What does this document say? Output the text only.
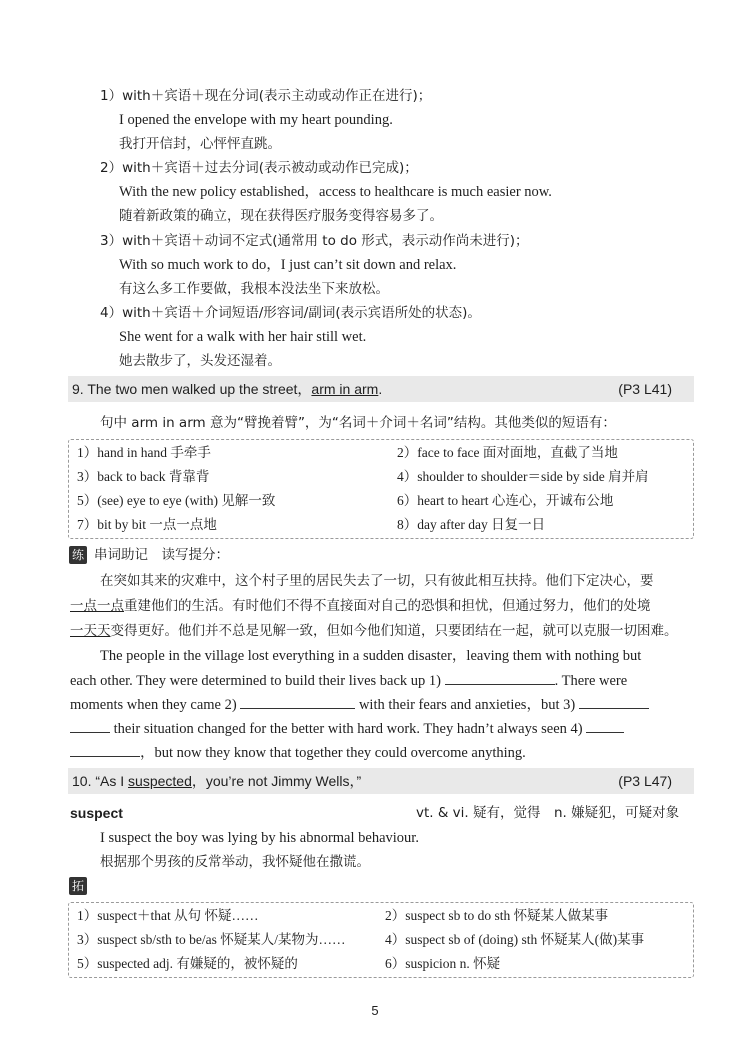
1）with＋宾语＋现在分词(表示主动或动作正在进行)；
I opened the envelope with my heart pounding.
我打开信封，心怦怦直跳。
2）with＋宾语＋过去分词(表示被动或动作已完成)；
With the new policy established，access to healthcare is much easier now.
随着新政策的确立，现在获得医疗服务变得容易多了。
3）with＋宾语＋动词不定式(通常用 to do 形式，表示动作尚未进行)；
With so much work to do，I just can’t sit down and relax.
有这么多工作要做，我根本没法坐下来放松。
4）with＋宾语＋介词短语/形容词/副词(表示宾语所处的状态)。
She went for a walk with her hair still wet.
她去散步了，头发还湿着。
9. The two men walked up the street，arm in arm.	(P3 L41)
句中 arm in arm 意为“臂挽着臂”，为“名词＋介词＋名词”结构。其他类似的短语有：
1）hand in hand 手牵手	2）face to face 面对面地，直截了当地
3）back to back 背靠背	4）shoulder to shoulder＝side by side 肩并肩
5）(see) eye to eye (with) 见解一致	6）heart to heart 心连心，开诚布公地
7）bit by bit 一点一点地	8）day after day 日复一日
练 串词助记　读写提分：
在突如其来的灾难中，这个村子里的居民失去了一切，只有彼此相互扶持。他们下定决心，要
一点一点重建他们的生活。有时他们不得不直接面对自己的恐惧和担忧，但通过努力，他们的处境
一天天变得更好。他们并不总是见解一致，但如今他们知道，只要团结在一起，就可以克服一切困难。
The people in the village lost everything in a sudden disaster，leaving them with nothing but
each other. They were determined to build their lives back up 1)	. There were
moments when they came 2)	with their fears and anxieties，but 3)
their situation changed for the better with hard work. They hadn’t always seen 4)
，but now they know that together they could overcome anything.
10. “As I suspected，you’re not Jimmy Wells，”	(P3 L47)
suspect	vt. & vi. 疑有，觉得　n. 嫌疑犯，可疑对象
I suspect the boy was lying by his abnormal behaviour.
根据那个男孩的反常举动，我怀疑他在撒谎。
拓
1）suspect＋that 从句 怀疑……	2）suspect sb to do sth 怀疑某人做某事
3）suspect sb/sth to be/as 怀疑某人/某物为……	4）suspect sb of (doing) sth 怀疑某人(做)某事
5）suspected adj. 有嫌疑的，被怀疑的	6）suspicion n. 怀疑
5
